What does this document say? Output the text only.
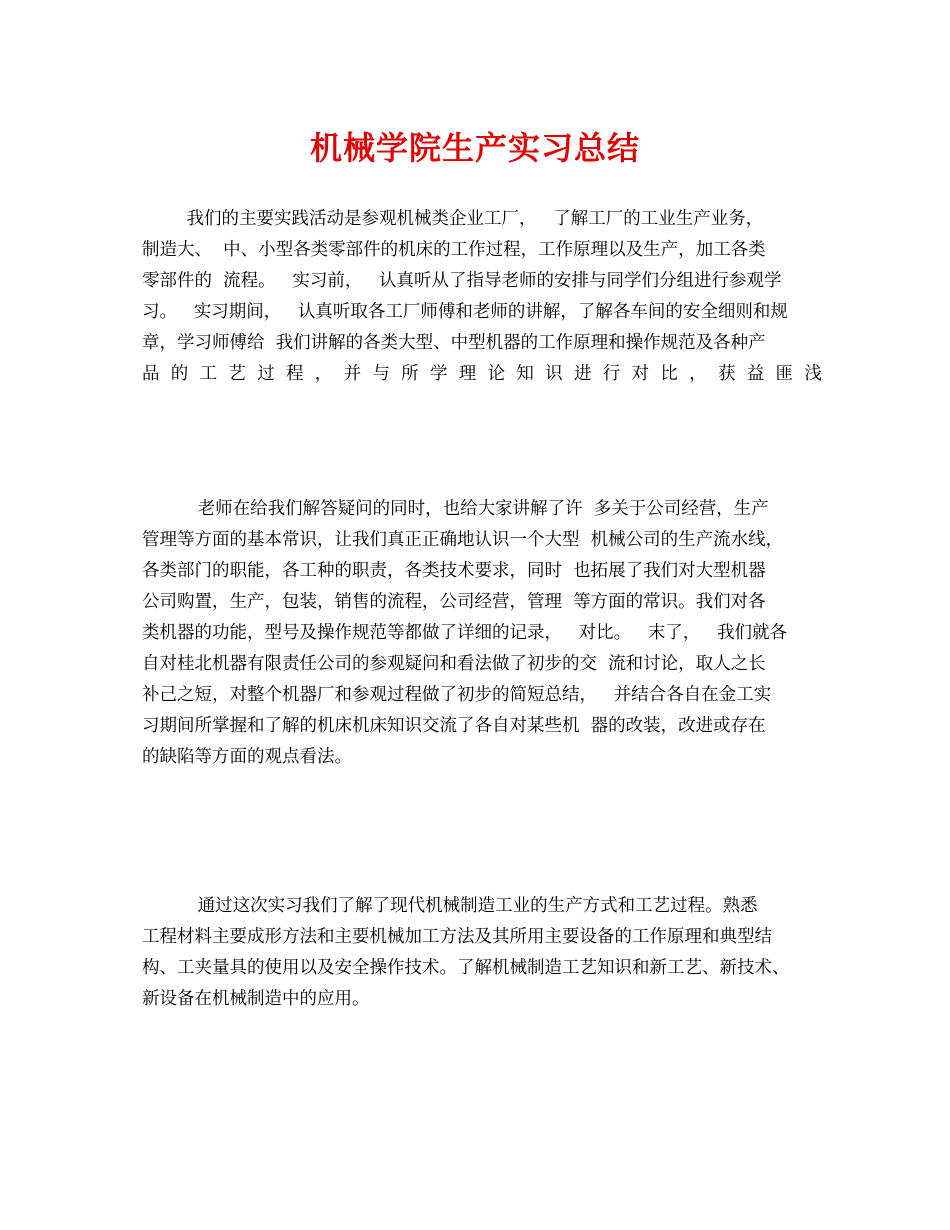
机械学院生产实习总结
我们的主要实践活动是参观机械类企业工厂，   了解工厂的工业生产业务，
制造大、  中、小型各类零部件的机床的工作过程，工作原理以及生产，加工各类
零部件的  流程。   实习前，   认真听从了指导老师的安排与同学们分组进行参观学
习。   实习期间，   认真听取各工厂师傅和老师的讲解，了解各车间的安全细则和规
章，学习师傅给  我们讲解的各类大型、中型机器的工作原理和操作规范及各种产
品 的 工 艺 过 程 ， 并 与 所 学 理 论 知 识 进 行 对 比 ， 获 益 匪 浅
老师在给我们解答疑问的同时，也给大家讲解了许  多关于公司经营，生产
管理等方面的基本常识，让我们真正正确地认识一个大型  机械公司的生产流水线，
各类部门的职能，各工种的职责，各类技术要求，同时  也拓展了我们对大型机器
公司购置，生产，包装，销售的流程，公司经营，管理  等方面的常识。我们对各
类机器的功能，型号及操作规范等都做了详细的记录，   对比。   末了，   我们就各
自对桂北机器有限责任公司的参观疑问和看法做了初步的交  流和讨论，取人之长
补己之短，对整个机器厂和参观过程做了初步的简短总结，   并结合各自在金工实
习期间所掌握和了解的机床机床知识交流了各自对某些机  器的改装，改进或存在
的缺陷等方面的观点看法。
通过这次实习我们了解了现代机械制造工业的生产方式和工艺过程。熟悉
工程材料主要成形方法和主要机械加工方法及其所用主要设备的工作原理和典型结
构、工夹量具的使用以及安全操作技术。了解机械制造工艺知识和新工艺、新技术、
新设备在机械制造中的应用。
